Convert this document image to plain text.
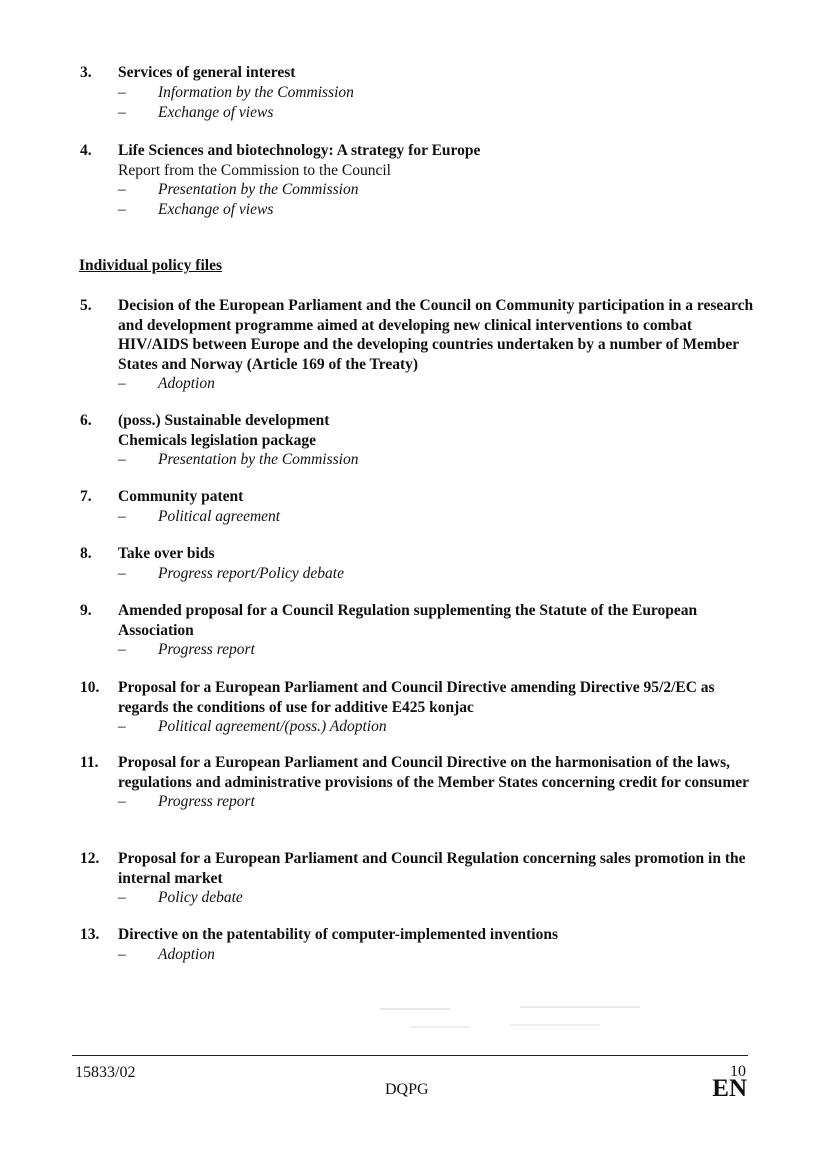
3. Services of general interest

– Information by the Commission
– Exchange of views
4. Life Sciences and biotechnology: A strategy for Europe

Report from the Commission to the Council

– Presentation by the Commission
– Exchange of views
Individual policy files
5. Decision of the European Parliament and the Council on Community participation in a research and development programme aimed at developing new clinical interventions to combat HIV/AIDS between Europe and the developing countries undertaken by a number of Member States and Norway (Article 169 of the Treaty)

– Adoption
6. (poss.) Sustainable development

Chemicals legislation package

– Presentation by the Commission
7. Community patent

– Political agreement
8. Take over bids

– Progress report/Policy debate
9. Amended proposal for a Council Regulation supplementing the Statute of the European Association

– Progress report
10. Proposal for a European Parliament and Council Directive amending Directive 95/2/EC as regards the conditions of use for additive E425 konjac

– Political agreement/(poss.) Adoption
11. Proposal for a European Parliament and Council Directive on the harmonisation of the laws, regulations and administrative provisions of the Member States concerning credit for consumer

– Progress report
12. Proposal for a European Parliament and Council Regulation concerning sales promotion in the internal market

– Policy debate
13. Directive on the patentability of computer-implemented inventions

– Adoption
15833/02	10
DQPG	EN
